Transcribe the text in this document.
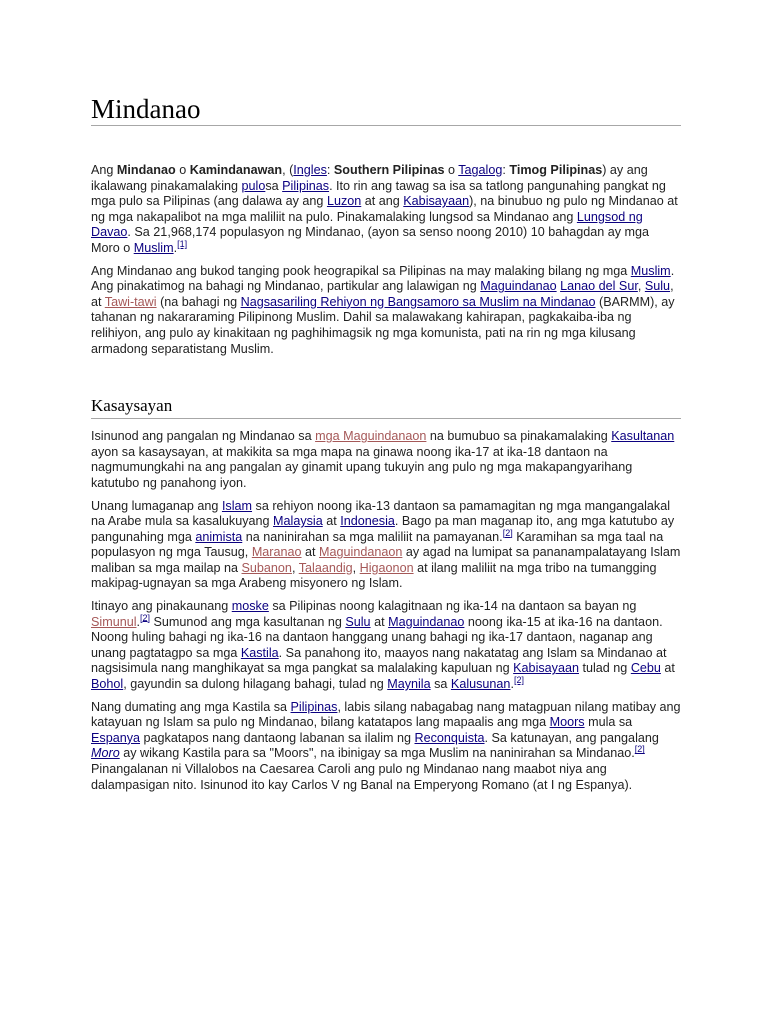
Mindanao

Ang Mindanao o Kamindanawan, (Ingles: Southern Pilipinas o Tagalog: Timog Pilipinas) ay ang ikalawang pinakamalaking pulosa Pilipinas. Ito rin ang tawag sa isa sa tatlong pangunahing pangkat ng mga pulo sa Pilipinas (ang dalawa ay ang Luzon at ang Kabisayaan), na binubuo ng pulo ng Mindanao at ng mga nakapalibot na mga maliliit na pulo. Pinakamalaking lungsod sa Mindanao ang Lungsod ng Davao. Sa 21,968,174 populasyon ng Mindanao, (ayon sa senso noong 2010) 10 bahagdan ay mga Moro o Muslim.[1]

Ang Mindanao ang bukod tanging pook heograpikal sa Pilipinas na may malaking bilang ng mga Muslim. Ang pinakatimog na bahagi ng Mindanao, partikular ang lalawigan ng Maguindanao Lanao del Sur, Sulu, at Tawi-tawi (na bahagi ng Nagsasariling Rehiyon ng Bangsamoro sa Muslim na Mindanao (BARMM), ay tahanan ng nakararaming Pilipinong Muslim. Dahil sa malawakang kahirapan, pagkakaiba-iba ng relihiyon, ang pulo ay kinakitaan ng paghihimagsik ng mga komunista, pati na rin ng mga kilusang armadong separatistang Muslim.

Kasaysayan

Isinunod ang pangalan ng Mindanao sa mga Maguindanaon na bumubuo sa pinakamalaking Kasultanan ayon sa kasaysayan, at makikita sa mga mapa na ginawa noong ika-17 at ika-18 dantaon na nagmumungkahi na ang pangalan ay ginamit upang tukuyin ang pulo ng mga makapangyarihang katutubo ng panahong iyon.

Unang lumaganap ang Islam sa rehiyon noong ika-13 dantaon sa pamamagitan ng mga mangangalakal na Arabe mula sa kasalukuyang Malaysia at Indonesia. Bago pa man maganap ito, ang mga katutubo ay pangunahing mga animista na naninirahan sa mga maliliit na pamayanan.[2] Karamihan sa mga taal na populasyon ng mga Tausug, Maranao at Maguindanaon ay agad na lumipat sa pananampalatayang Islam maliban sa mga mailap na Subanon, Talaandig, Higaonon at ilang maliliit na mga tribo na tumangging makipag-ugnayan sa mga Arabeng misyonero ng Islam.

Itinayo ang pinakaunang moske sa Pilipinas noong kalagitnaan ng ika-14 na dantaon sa bayan ng Simunul.[2] Sumunod ang mga kasultanan ng Sulu at Maguindanao noong ika-15 at ika-16 na dantaon. Noong huling bahagi ng ika-16 na dantaon hanggang unang bahagi ng ika-17 dantaon, naganap ang unang pagtatagpo sa mga Kastila. Sa panahong ito, maayos nang nakatatag ang Islam sa Mindanao at nagsisimula nang manghikayat sa mga pangkat sa malalaking kapuluan ng Kabisayaan tulad ng Cebu at Bohol, gayundin sa dulong hilagang bahagi, tulad ng Maynila sa Kalusunan.[2]

Nang dumating ang mga Kastila sa Pilipinas, labis silang nabagabag nang matagpuan nilang matibay ang katayuan ng Islam sa pulo ng Mindanao, bilang katatapos lang mapaalis ang mga Moors mula sa Espanya pagkatapos nang dantaong labanan sa ilalim ng Reconquista. Sa katunayan, ang pangalang Moro ay wikang Kastila para sa "Moors", na ibinigay sa mga Muslim na naninirahan sa Mindanao.[2] Pinangalanan ni Villalobos na Caesarea Caroli ang pulo ng Mindanao nang maabot niya ang dalampasigan nito. Isinunod ito kay Carlos V ng Banal na Emperyong Romano (at I ng Espanya).
